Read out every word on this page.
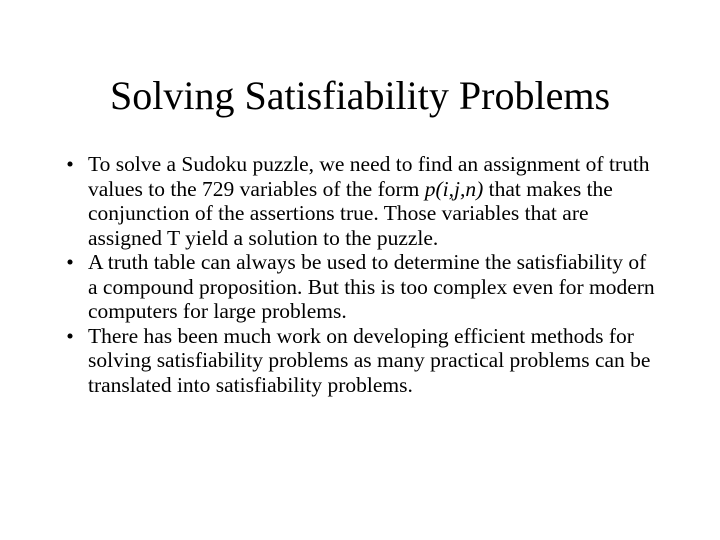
Solving Satisfiability Problems
• To solve a Sudoku puzzle, we need to find an assignment of truth values to the 729 variables of the form p(i,j,n) that makes the conjunction of the assertions true. Those variables that are assigned T yield a solution to the puzzle.
• A truth table can always be used to determine the satisfiability of a compound proposition. But this is too complex even for modern computers for large problems.
• There has been much work on developing efficient methods for solving satisfiability problems as many practical problems can be translated into satisfiability problems.
